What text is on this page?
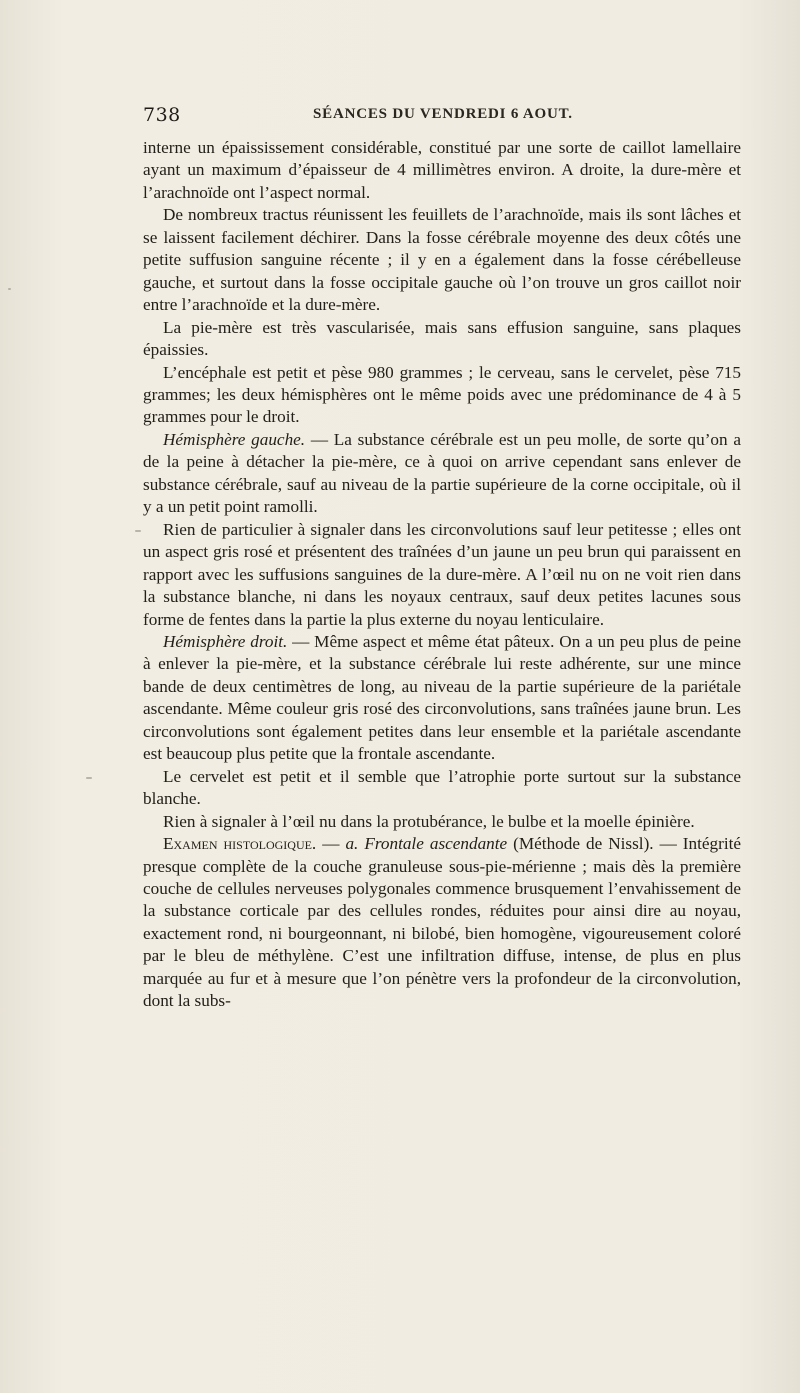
738	SÉANCES DU VENDREDI 6 AOUT.

interne un épaississement considérable, constitué par une sorte de caillot lamellaire ayant un maximum d’épaisseur de 4 millimètres environ. A droite, la dure-mère et l’arachnoïde ont l’aspect normal.

De nombreux tractus réunissent les feuillets de l’arachnoïde, mais ils sont lâches et se laissent facilement déchirer. Dans la fosse cérébrale moyenne des deux côtés une petite suffusion sanguine récente ; il y en a également dans la fosse cérébelleuse gauche, et surtout dans la fosse occipitale gauche où l’on trouve un gros caillot noir entre l’arachnoïde et la dure-mère.

La pie-mère est très vascularisée, mais sans effusion sanguine, sans plaques épaissies.

L’encéphale est petit et pèse 980 grammes ; le cerveau, sans le cervelet, pèse 715 grammes; les deux hémisphères ont le même poids avec une prédominance de 4 à 5 grammes pour le droit.

Hémisphère gauche. — La substance cérébrale est un peu molle, de sorte qu’on a de la peine à détacher la pie-mère, ce à quoi on arrive cependant sans enlever de substance cérébrale, sauf au niveau de la partie supérieure de la corne occipitale, où il y a un petit point ramolli.

Rien de particulier à signaler dans les circonvolutions sauf leur petitesse ; elles ont un aspect gris rosé et présentent des traînées d’un jaune un peu brun qui paraissent en rapport avec les suffusions sanguines de la dure-mère. A l’œil nu on ne voit rien dans la substance blanche, ni dans les noyaux centraux, sauf deux petites lacunes sous forme de fentes dans la partie la plus externe du noyau lenticulaire.

Hémisphère droit. — Même aspect et même état pâteux. On a un peu plus de peine à enlever la pie-mère, et la substance cérébrale lui reste adhérente, sur une mince bande de deux centimètres de long, au niveau de la partie supérieure de la pariétale ascendante. Même couleur gris rosé des circonvolutions, sans traînées jaune brun. Les circonvolutions sont également petites dans leur ensemble et la pariétale ascendante est beaucoup plus petite que la frontale ascendante.

Le cervelet est petit et il semble que l’atrophie porte surtout sur la substance blanche.

Rien à signaler à l’œil nu dans la protubérance, le bulbe et la moelle épinière.

Examen histologique. — a. Frontale ascendante (Méthode de Nissl). — Intégrité presque complète de la couche granuleuse sous-pie-mérienne ; mais dès la première couche de cellules nerveuses polygonales commence brusquement l’envahissement de la substance corticale par des cellules rondes, réduites pour ainsi dire au noyau, exactement rond, ni bourgeonnant, ni bilobé, bien homogène, vigoureusement coloré par le bleu de méthylène. C’est une infiltration diffuse, intense, de plus en plus marquée au fur et à mesure que l’on pénètre vers la profondeur de la circonvolution, dont la subs-
